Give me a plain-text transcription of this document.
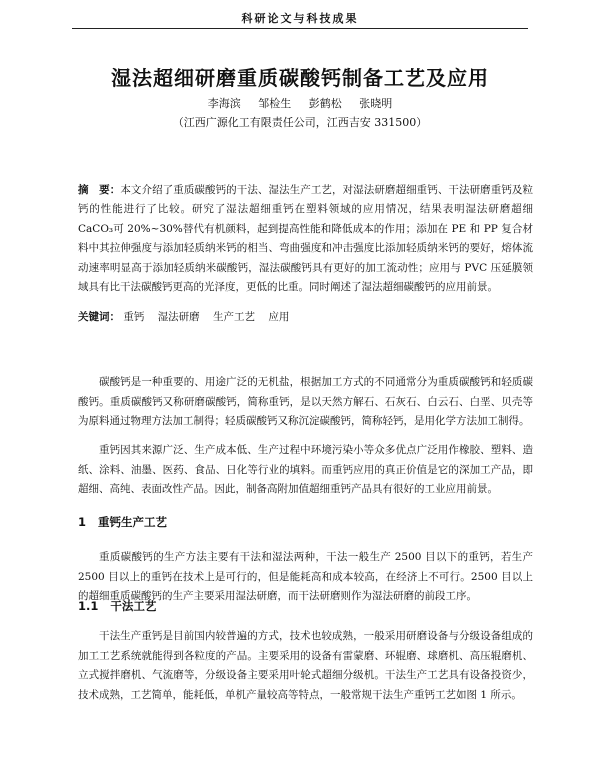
科研论文与科技成果
湿法超细研磨重质碳酸钙制备工艺及应用
李海滨 邹检生 彭鹤松 张晓明
（江西广源化工有限责任公司，江西吉安 331500）
摘　要：本文介绍了重质碳酸钙的干法、湿法生产工艺，对湿法研磨超细重钙、干法研磨重钙及粒钙的性能进行了比较。研究了湿法超细重钙在塑料领域的应用情况，结果表明湿法研磨超细 CaCO₃可 20%~30%替代有机颜料，起到提高性能和降低成本的作用；添加在 PE 和 PP 复合材料中其拉伸强度与添加轻质纳米钙的相当、弯曲强度和冲击强度比添加轻质纳米钙的要好，熔体流动速率明显高于添加轻质纳米碳酸钙，湿法碳酸钙具有更好的加工流动性；应用与 PVC 压延膜领域具有比干法碳酸钙更高的光泽度，更低的比重。同时阐述了湿法超细碳酸钙的应用前景。
关键词： 重钙 湿法研磨 生产工艺 应用

碳酸钙是一种重要的、用途广泛的无机盐，根据加工方式的不同通常分为重质碳酸钙和轻质碳酸钙。重质碳酸钙又称研磨碳酸钙，简称重钙，是以天然方解石、石灰石、白云石、白垩、贝壳等为原料通过物理方法加工制得；轻质碳酸钙又称沉淀碳酸钙，简称轻钙，是用化学方法加工制得。

重钙因其来源广泛、生产成本低、生产过程中环境污染小等众多优点广泛用作橡胶、塑料、造纸、涂料、油墨、医药、食品、日化等行业的填料。而重钙应用的真正价值是它的深加工产品，即超细、高纯、表面改性产品。因此，制备高附加值超细重钙产品具有很好的工业应用前景。

1 重钙生产工艺

重质碳酸钙的生产方法主要有干法和湿法两种，干法一般生产 2500 目以下的重钙，若生产 2500 目以上的重钙在技术上是可行的，但是能耗高和成本较高，在经济上不可行。2500 目以上的超细重质碳酸钙的生产主要采用湿法研磨，而干法研磨则作为湿法研磨的前段工序。

1.1 干法工艺

干法生产重钙是目前国内较普遍的方式，技术也较成熟，一般采用研磨设备与分级设备组成的加工工艺系统就能得到各粒度的产品。主要采用的设备有雷蒙磨、环辊磨、球磨机、高压辊磨机、立式搅拌磨机、气流磨等，分级设备主要采用叶轮式超细分级机。干法生产工艺具有设备投资少，技术成熟，工艺简单，能耗低，单机产量较高等特点，一般常规干法生产重钙工艺如图 1 所示。
